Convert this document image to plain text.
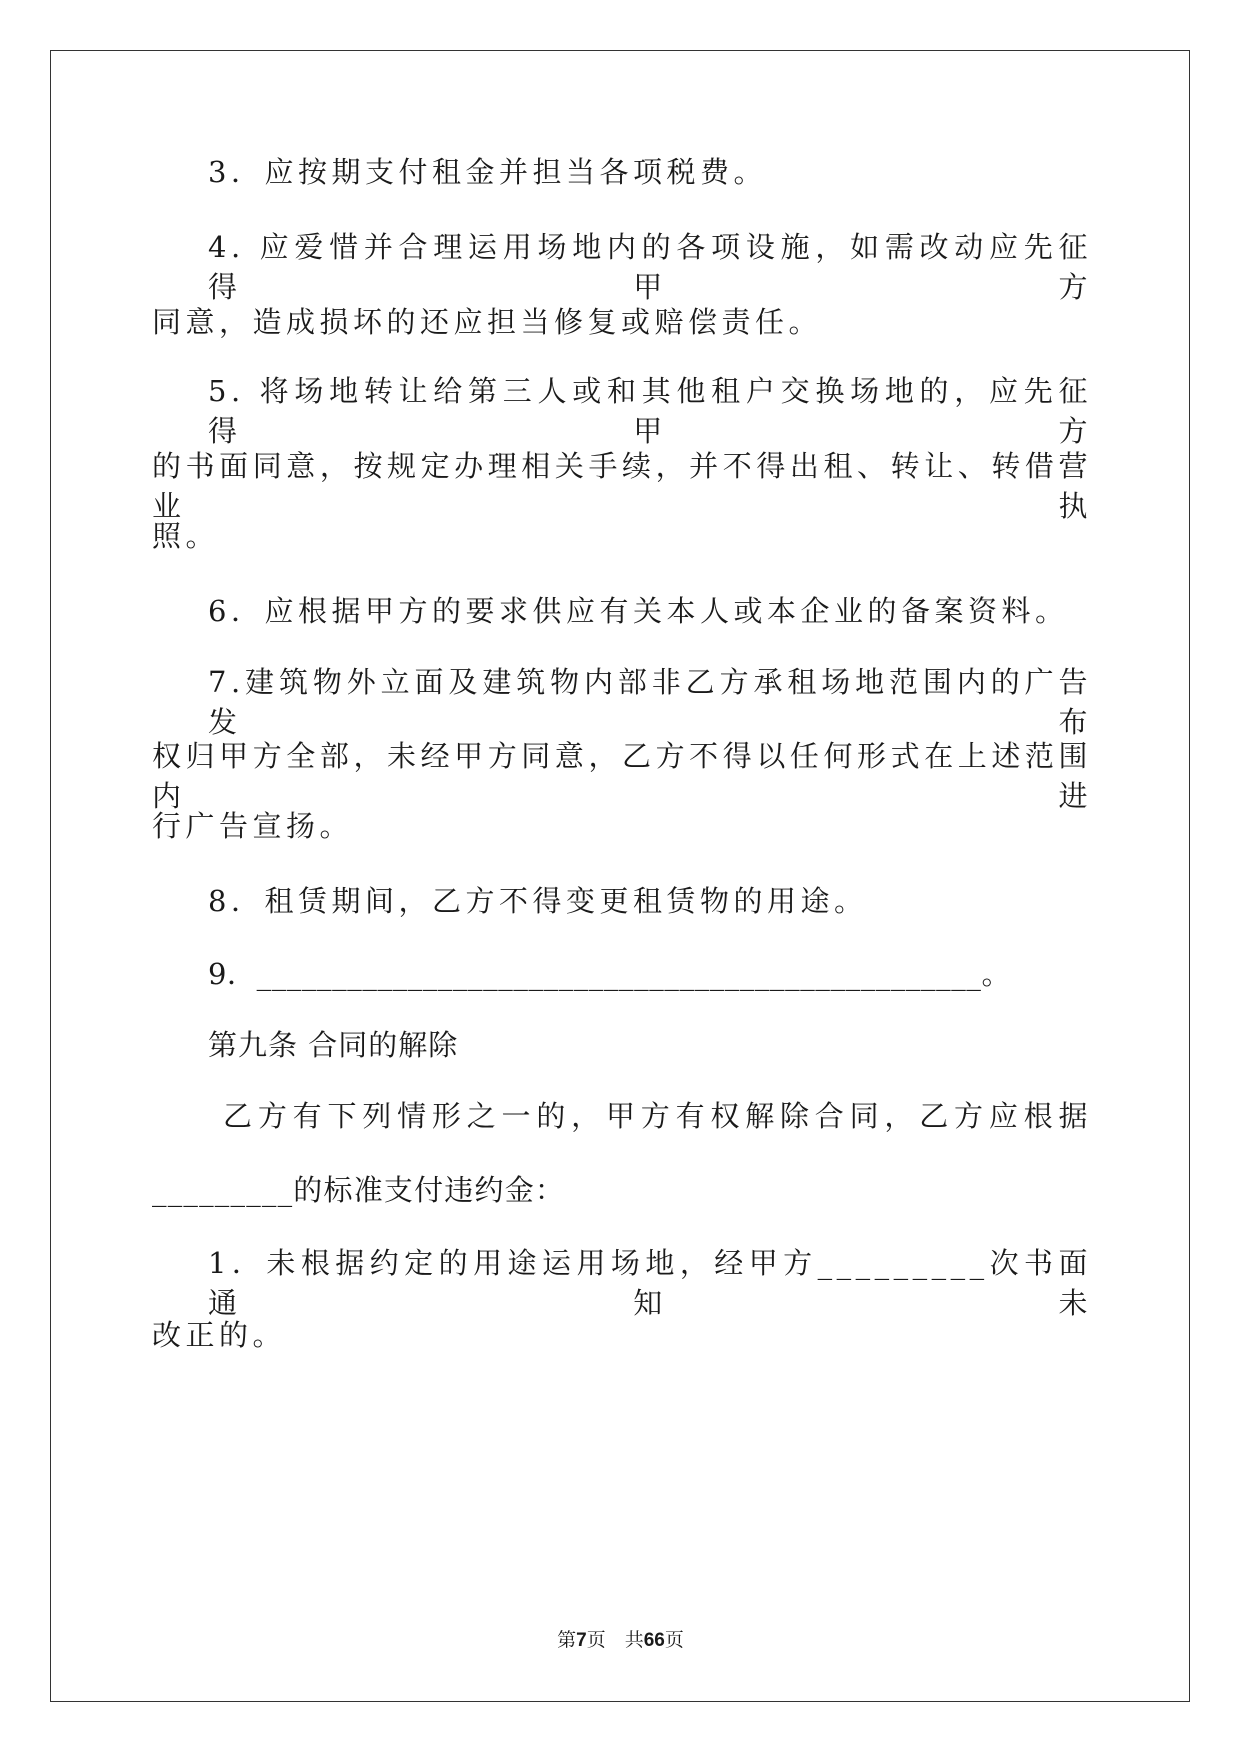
3．应按期支付租金并担当各项税费。
4. 应爱惜并合理运用场地内的各项设施，如需改动应先征得甲方
同意，造成损坏的还应担当修复或赔偿责任。
5. 将场地转让给第三人或和其他租户交换场地的，应先征得甲方
的书面同意，按规定办理相关手续，并不得出租、转让、转借营业执
照。
6．应根据甲方的要求供应有关本人或本企业的备案资料。
7.建筑物外立面及建筑物内部非乙方承租场地范围内的广告发布
权归甲方全部，未经甲方同意，乙方不得以任何形式在上述范围内进
行广告宣扬。
8．租赁期间，乙方不得变更租赁物的用途。
9．________________________________________________。
第九条 合同的解除
乙方有下列情形之一的，甲方有权解除合同，乙方应根据
_________的标准支付违约金：
1．未根据约定的用途运用场地，经甲方_________次书面通知未
改正的。
第7页　共66页
